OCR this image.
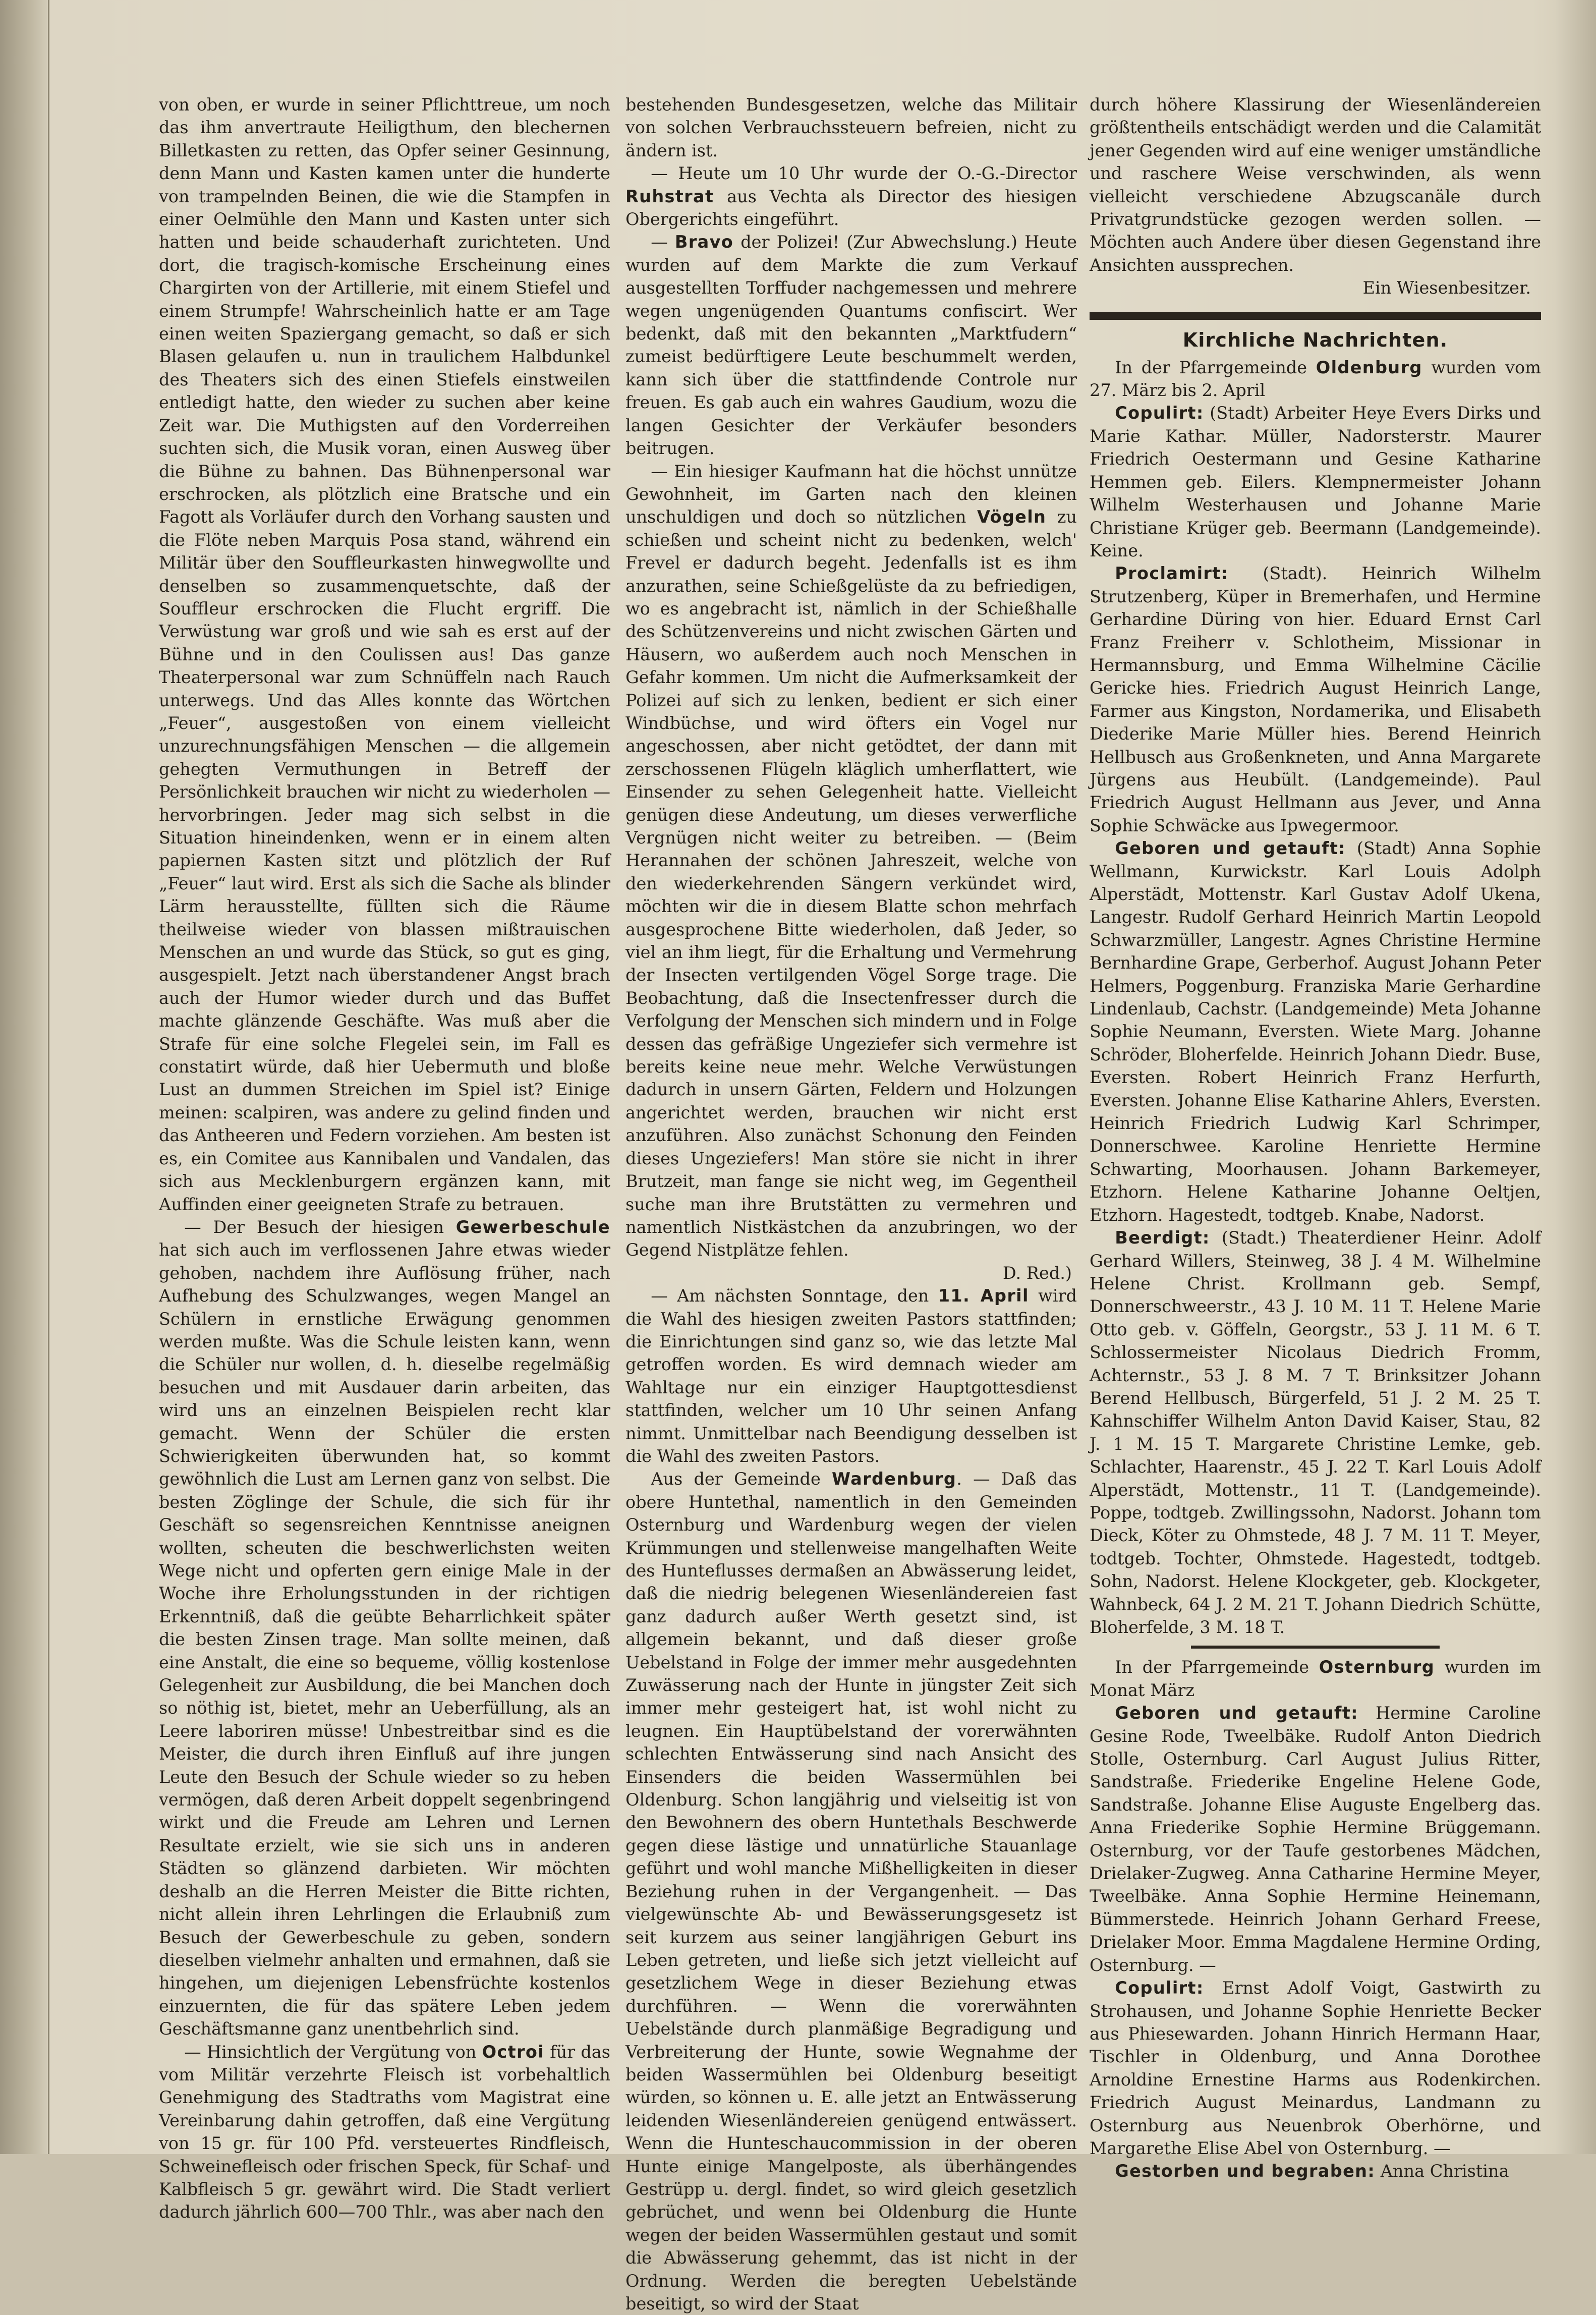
von oben, er wurde in seiner Pflichttreue, um noch das ihm anvertraute Heiligthum, den blechernen Billetkasten zu retten, das Opfer seiner Gesinnung, denn Mann und Kasten kamen unter die hunderte von trampelnden Beinen, die wie die Stampfen in einer Oelmühle den Mann und Kasten unter sich hatten und beide schauderhaft zurichteten. Und dort, die tragisch-komische Erscheinung eines Chargirten von der Artillerie, mit einem Stiefel und einem Strumpfe! Wahrscheinlich hatte er am Tage einen weiten Spaziergang gemacht, so daß er sich Blasen gelaufen u. nun in traulichem Halbdunkel des Theaters sich des einen Stiefels einstweilen entledigt hatte, den wieder zu suchen aber keine Zeit war. Die Muthigsten auf den Vorderreihen suchten sich, die Musik voran, einen Ausweg über die Bühne zu bahnen. Das Bühnenpersonal war erschrocken, als plötzlich eine Bratsche und ein Fagott als Vorläufer durch den Vorhang sausten und die Flöte neben Marquis Posa stand, während ein Militär über den Souffleurkasten hinwegwollte und denselben so zusammenquetschte, daß der Souffleur erschrocken die Flucht ergriff. Die Verwüstung war groß und wie sah es erst auf der Bühne und in den Coulissen aus! Das ganze Theaterpersonal war zum Schnüffeln nach Rauch unterwegs. Und das Alles konnte das Wörtchen „Feuer“, ausgestoßen von einem vielleicht unzurechnungsfähigen Menschen — die allgemein gehegten Vermuthungen in Betreff der Persönlichkeit brauchen wir nicht zu wiederholen — hervorbringen. Jeder mag sich selbst in die Situation hineindenken, wenn er in einem alten papiernen Kasten sitzt und plötzlich der Ruf „Feuer“ laut wird. Erst als sich die Sache als blinder Lärm herausstellte, füllten sich die Räume theilweise wieder von blassen mißtrauischen Menschen an und wurde das Stück, so gut es ging, ausgespielt. Jetzt nach überstandener Angst brach auch der Humor wieder durch und das Buffet machte glänzende Geschäfte. Was muß aber die Strafe für eine solche Flegelei sein, im Fall es constatirt würde, daß hier Uebermuth und bloße Lust an dummen Streichen im Spiel ist? Einige meinen: scalpiren, was andere zu gelind finden und das Antheeren und Federn vorziehen. Am besten ist es, ein Comitee aus Kannibalen und Vandalen, das sich aus Mecklenburgern ergänzen kann, mit Auffinden einer geeigneten Strafe zu betrauen.

— Der Besuch der hiesigen Gewerbeschule hat sich auch im verflossenen Jahre etwas wieder gehoben, nachdem ihre Auflösung früher, nach Aufhebung des Schulzwanges, wegen Mangel an Schülern in ernstliche Erwägung genommen werden mußte. Was die Schule leisten kann, wenn die Schüler nur wollen, d. h. dieselbe regelmäßig besuchen und mit Ausdauer darin arbeiten, das wird uns an einzelnen Beispielen recht klar gemacht. Wenn der Schüler die ersten Schwierigkeiten überwunden hat, so kommt gewöhnlich die Lust am Lernen ganz von selbst. Die besten Zöglinge der Schule, die sich für ihr Geschäft so segensreichen Kenntnisse aneignen wollten, scheuten die beschwerlichsten weiten Wege nicht und opferten gern einige Male in der Woche ihre Erholungsstunden in der richtigen Erkenntniß, daß die geübte Beharrlichkeit später die besten Zinsen trage. Man sollte meinen, daß eine Anstalt, die eine so bequeme, völlig kostenlose Gelegenheit zur Ausbildung, die bei Manchen doch so nöthig ist, bietet, mehr an Ueberfüllung, als an Leere laboriren müsse! Unbestreitbar sind es die Meister, die durch ihren Einfluß auf ihre jungen Leute den Besuch der Schule wieder so zu heben vermögen, daß deren Arbeit doppelt segenbringend wirkt und die Freude am Lehren und Lernen Resultate erzielt, wie sie sich uns in anderen Städten so glänzend darbieten. Wir möchten deshalb an die Herren Meister die Bitte richten, nicht allein ihren Lehrlingen die Erlaubniß zum Besuch der Gewerbeschule zu geben, sondern dieselben vielmehr anhalten und ermahnen, daß sie hingehen, um diejenigen Lebensfrüchte kostenlos einzuernten, die für das spätere Leben jedem Geschäftsmanne ganz unentbehrlich sind.

— Hinsichtlich der Vergütung von Octroi für das vom Militär verzehrte Fleisch ist vorbehaltlich Genehmigung des Stadtraths vom Magistrat eine Vereinbarung dahin getroffen, daß eine Vergütung von 15 gr. für 100 Pfd. versteuertes Rindfleisch, Schweinefleisch oder frischen Speck, für Schaf- und Kalbfleisch 5 gr. gewährt wird. Die Stadt verliert dadurch jährlich 600—700 Thlr., was aber nach den

bestehenden Bundesgesetzen, welche das Militair von solchen Verbrauchssteuern befreien, nicht zu ändern ist.

— Heute um 10 Uhr wurde der O.-G.-Director Ruhstrat aus Vechta als Director des hiesigen Obergerichts eingeführt.

— Bravo der Polizei! (Zur Abwechslung.) Heute wurden auf dem Markte die zum Verkauf ausgestellten Torffuder nachgemessen und mehrere wegen ungenügenden Quantums confiscirt. Wer bedenkt, daß mit den bekannten „Marktfudern“ zumeist bedürftigere Leute beschummelt werden, kann sich über die stattfindende Controle nur freuen. Es gab auch ein wahres Gaudium, wozu die langen Gesichter der Verkäufer besonders beitrugen.

— Ein hiesiger Kaufmann hat die höchst unnütze Gewohnheit, im Garten nach den kleinen unschuldigen und doch so nützlichen Vögeln zu schießen und scheint nicht zu bedenken, welch' Frevel er dadurch begeht. Jedenfalls ist es ihm anzurathen, seine Schießgelüste da zu befriedigen, wo es angebracht ist, nämlich in der Schießhalle des Schützenvereins und nicht zwischen Gärten und Häusern, wo außerdem auch noch Menschen in Gefahr kommen. Um nicht die Aufmerksamkeit der Polizei auf sich zu lenken, bedient er sich einer Windbüchse, und wird öfters ein Vogel nur angeschossen, aber nicht getödtet, der dann mit zerschossenen Flügeln kläglich umherflattert, wie Einsender zu sehen Gelegenheit hatte. Vielleicht genügen diese Andeutung, um dieses verwerfliche Vergnügen nicht weiter zu betreiben. — (Beim Herannahen der schönen Jahreszeit, welche von den wiederkehrenden Sängern verkündet wird, möchten wir die in diesem Blatte schon mehrfach ausgesprochene Bitte wiederholen, daß Jeder, so viel an ihm liegt, für die Erhaltung und Vermehrung der Insecten vertilgenden Vögel Sorge trage. Die Beobachtung, daß die Insectenfresser durch die Verfolgung der Menschen sich mindern und in Folge dessen das gefräßige Ungeziefer sich vermehre ist bereits keine neue mehr. Welche Verwüstungen dadurch in unsern Gärten, Feldern und Holzungen angerichtet werden, brauchen wir nicht erst anzuführen. Also zunächst Schonung den Feinden dieses Ungeziefers! Man störe sie nicht in ihrer Brutzeit, man fange sie nicht weg, im Gegentheil suche man ihre Brutstätten zu vermehren und namentlich Nistkästchen da anzubringen, wo der Gegend Nistplätze fehlen.

D. Red.)

— Am nächsten Sonntage, den 11. April wird die Wahl des hiesigen zweiten Pastors stattfinden; die Einrichtungen sind ganz so, wie das letzte Mal getroffen worden. Es wird demnach wieder am Wahltage nur ein einziger Hauptgottesdienst stattfinden, welcher um 10 Uhr seinen Anfang nimmt. Unmittelbar nach Beendigung desselben ist die Wahl des zweiten Pastors.

Aus der Gemeinde Wardenburg. — Daß das obere Huntethal, namentlich in den Gemeinden Osternburg und Wardenburg wegen der vielen Krümmungen und stellenweise mangelhaften Weite des Hunteflusses dermaßen an Abwässerung leidet, daß die niedrig belegenen Wiesenländereien fast ganz dadurch außer Werth gesetzt sind, ist allgemein bekannt, und daß dieser große Uebelstand in Folge der immer mehr ausgedehnten Zuwässerung nach der Hunte in jüngster Zeit sich immer mehr gesteigert hat, ist wohl nicht zu leugnen. Ein Hauptübelstand der vorerwähnten schlechten Entwässerung sind nach Ansicht des Einsenders die beiden Wassermühlen bei Oldenburg. Schon langjährig und vielseitig ist von den Bewohnern des obern Huntethals Beschwerde gegen diese lästige und unnatürliche Stauanlage geführt und wohl manche Mißhelligkeiten in dieser Beziehung ruhen in der Vergangenheit. — Das vielgewünschte Ab- und Bewässerungsgesetz ist seit kurzem aus seiner langjährigen Geburt ins Leben getreten, und ließe sich jetzt vielleicht auf gesetzlichem Wege in dieser Beziehung etwas durchführen. — Wenn die vorerwähnten Uebelstände durch planmäßige Begradigung und Verbreiterung der Hunte, sowie Wegnahme der beiden Wassermühlen bei Oldenburg beseitigt würden, so können u. E. alle jetzt an Entwässerung leidenden Wiesenländereien genügend entwässert. Wenn die Hunteschaucommission in der oberen Hunte einige Mangelposte, als überhängendes Gestrüpp u. dergl. findet, so wird gleich gesetzlich gebrüchet, und wenn bei Oldenburg die Hunte wegen der beiden Wassermühlen gestaut und somit die Abwässerung gehemmt, das ist nicht in der Ordnung. Werden die beregten Uebelstände beseitigt, so wird der Staat

durch höhere Klassirung der Wiesenländereien größtentheils entschädigt werden und die Calamität jener Gegenden wird auf eine weniger umständliche und raschere Weise verschwinden, als wenn vielleicht verschiedene Abzugscanäle durch Privatgrundstücke gezogen werden sollen. — Möchten auch Andere über diesen Gegenstand ihre Ansichten aussprechen.

Ein Wiesenbesitzer.

Kirchliche Nachrichten.

In der Pfarrgemeinde Oldenburg wurden vom 27. März bis 2. April

Copulirt: (Stadt) Arbeiter Heye Evers Dirks und Marie Kathar. Müller, Nadorsterstr. Maurer Friedrich Oestermann und Gesine Katharine Hemmen geb. Eilers. Klempnermeister Johann Wilhelm Westerhausen und Johanne Marie Christiane Krüger geb. Beermann (Landgemeinde). Keine.

Proclamirt: (Stadt). Heinrich Wilhelm Strutzenberg, Küper in Bremerhafen, und Hermine Gerhardine Düring von hier. Eduard Ernst Carl Franz Freiherr v. Schlotheim, Missionar in Hermannsburg, und Emma Wilhelmine Cäcilie Gericke hies. Friedrich August Heinrich Lange, Farmer aus Kingston, Nordamerika, und Elisabeth Diederike Marie Müller hies. Berend Heinrich Hellbusch aus Großenkneten, und Anna Margarete Jürgens aus Heubült. (Landgemeinde). Paul Friedrich August Hellmann aus Jever, und Anna Sophie Schwäcke aus Ipwegermoor.

Geboren und getauft: (Stadt) Anna Sophie Wellmann, Kurwickstr. Karl Louis Adolph Alperstädt, Mottenstr. Karl Gustav Adolf Ukena, Langestr. Rudolf Gerhard Heinrich Martin Leopold Schwarzmüller, Langestr. Agnes Christine Hermine Bernhardine Grape, Gerberhof. August Johann Peter Helmers, Poggenburg. Franziska Marie Gerhardine Lindenlaub, Cachstr. (Landgemeinde) Meta Johanne Sophie Neumann, Eversten. Wiete Marg. Johanne Schröder, Bloherfelde. Heinrich Johann Diedr. Buse, Eversten. Robert Heinrich Franz Herfurth, Eversten. Johanne Elise Katharine Ahlers, Eversten. Heinrich Friedrich Ludwig Karl Schrimper, Donnerschwee. Karoline Henriette Hermine Schwarting, Moorhausen. Johann Barkemeyer, Etzhorn. Helene Katharine Johanne Oeltjen, Etzhorn. Hagestedt, todtgeb. Knabe, Nadorst.

Beerdigt: (Stadt.) Theaterdiener Heinr. Adolf Gerhard Willers, Steinweg, 38 J. 4 M. Wilhelmine Helene Christ. Krollmann geb. Sempf, Donnerschweerstr., 43 J. 10 M. 11 T. Helene Marie Otto geb. v. Göffeln, Georgstr., 53 J. 11 M. 6 T. Schlossermeister Nicolaus Diedrich Fromm, Achternstr., 53 J. 8 M. 7 T. Brinksitzer Johann Berend Hellbusch, Bürgerfeld, 51 J. 2 M. 25 T. Kahnschiffer Wilhelm Anton David Kaiser, Stau, 82 J. 1 M. 15 T. Margarete Christine Lemke, geb. Schlachter, Haarenstr., 45 J. 22 T. Karl Louis Adolf Alperstädt, Mottenstr., 11 T. (Landgemeinde). Poppe, todtgeb. Zwillingssohn, Nadorst. Johann tom Dieck, Köter zu Ohmstede, 48 J. 7 M. 11 T. Meyer, todtgeb. Tochter, Ohmstede. Hagestedt, todtgeb. Sohn, Nadorst. Helene Klockgeter, geb. Klockgeter, Wahnbeck, 64 J. 2 M. 21 T. Johann Diedrich Schütte, Bloherfelde, 3 M. 18 T.

In der Pfarrgemeinde Osternburg wurden im Monat März

Geboren und getauft: Hermine Caroline Gesine Rode, Tweelbäke. Rudolf Anton Diedrich Stolle, Osternburg. Carl August Julius Ritter, Sandstraße. Friederike Engeline Helene Gode, Sandstraße. Johanne Elise Auguste Engelberg das. Anna Friederike Sophie Hermine Brüggemann. Osternburg, vor der Taufe gestorbenes Mädchen, Drielaker-Zugweg. Anna Catharine Hermine Meyer, Tweelbäke. Anna Sophie Hermine Heinemann, Bümmerstede. Heinrich Johann Gerhard Freese, Drielaker Moor. Emma Magdalene Hermine Ording, Osternburg. —

Copulirt: Ernst Adolf Voigt, Gastwirth zu Strohausen, und Johanne Sophie Henriette Becker aus Phiesewarden. Johann Hinrich Hermann Haar, Tischler in Oldenburg, und Anna Dorothee Arnoldine Ernestine Harms aus Rodenkirchen. Friedrich August Meinardus, Landmann zu Osternburg aus Neuenbrok Oberhörne, und Margarethe Elise Abel von Osternburg. —

Gestorben und begraben: Anna Christina
